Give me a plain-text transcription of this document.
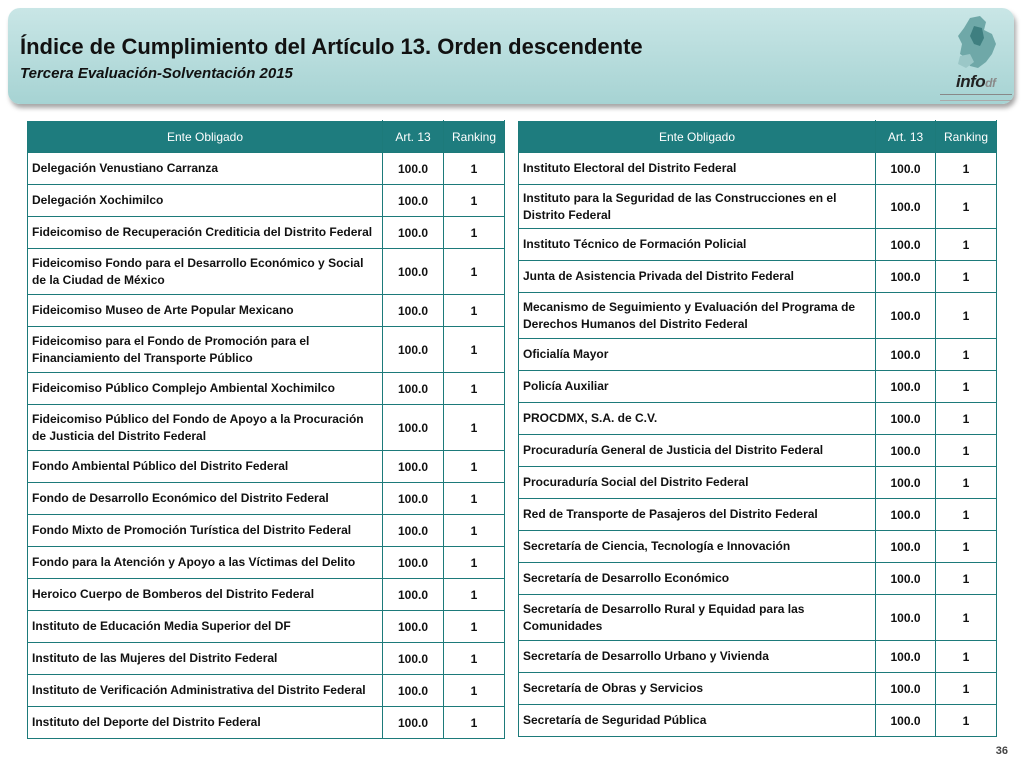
Índice de Cumplimiento del Artículo 13. Orden descendente
Tercera Evaluación-Solventación 2015	infodf
Ente Obligado	Art. 13	Ranking
Delegación Venustiano Carranza	100.0	1
Delegación Xochimilco	100.0	1
Fideicomiso de Recuperación Crediticia del Distrito Federal	100.0	1
Fideicomiso Fondo para el Desarrollo Económico y Social de la Ciudad de México	100.0	1
Fideicomiso Museo de Arte Popular Mexicano	100.0	1
Fideicomiso para el Fondo de Promoción para el Financiamiento del Transporte Público	100.0	1
Fideicomiso Público Complejo Ambiental Xochimilco	100.0	1
Fideicomiso Público del Fondo de Apoyo a la Procuración de Justicia del Distrito Federal	100.0	1
Fondo Ambiental Público del Distrito Federal	100.0	1
Fondo de Desarrollo Económico del Distrito Federal	100.0	1
Fondo Mixto de Promoción Turística del Distrito Federal	100.0	1
Fondo para la Atención y Apoyo a las Víctimas del Delito	100.0	1
Heroico Cuerpo de Bomberos del Distrito Federal	100.0	1
Instituto de Educación Media Superior del DF	100.0	1
Instituto de las Mujeres del Distrito Federal	100.0	1
Instituto de Verificación Administrativa del Distrito Federal	100.0	1
Instituto del Deporte del Distrito Federal	100.0	1
Ente Obligado	Art. 13	Ranking
Instituto Electoral del Distrito Federal	100.0	1
Instituto para la Seguridad de las Construcciones en el Distrito Federal	100.0	1
Instituto Técnico de Formación Policial	100.0	1
Junta de Asistencia Privada del Distrito Federal	100.0	1
Mecanismo de Seguimiento y Evaluación del Programa de Derechos Humanos del Distrito Federal	100.0	1
Oficialía Mayor	100.0	1
Policía Auxiliar	100.0	1
PROCDMX, S.A. de C.V.	100.0	1
Procuraduría General de Justicia del Distrito Federal	100.0	1
Procuraduría Social del Distrito Federal	100.0	1
Red de Transporte de Pasajeros del Distrito Federal	100.0	1
Secretaría de Ciencia, Tecnología e Innovación	100.0	1
Secretaría de Desarrollo Económico	100.0	1
Secretaría de Desarrollo Rural y Equidad para las Comunidades	100.0	1
Secretaría de Desarrollo Urbano y Vivienda	100.0	1
Secretaría de Obras y Servicios	100.0	1
Secretaría de Seguridad Pública	100.0	1
36
